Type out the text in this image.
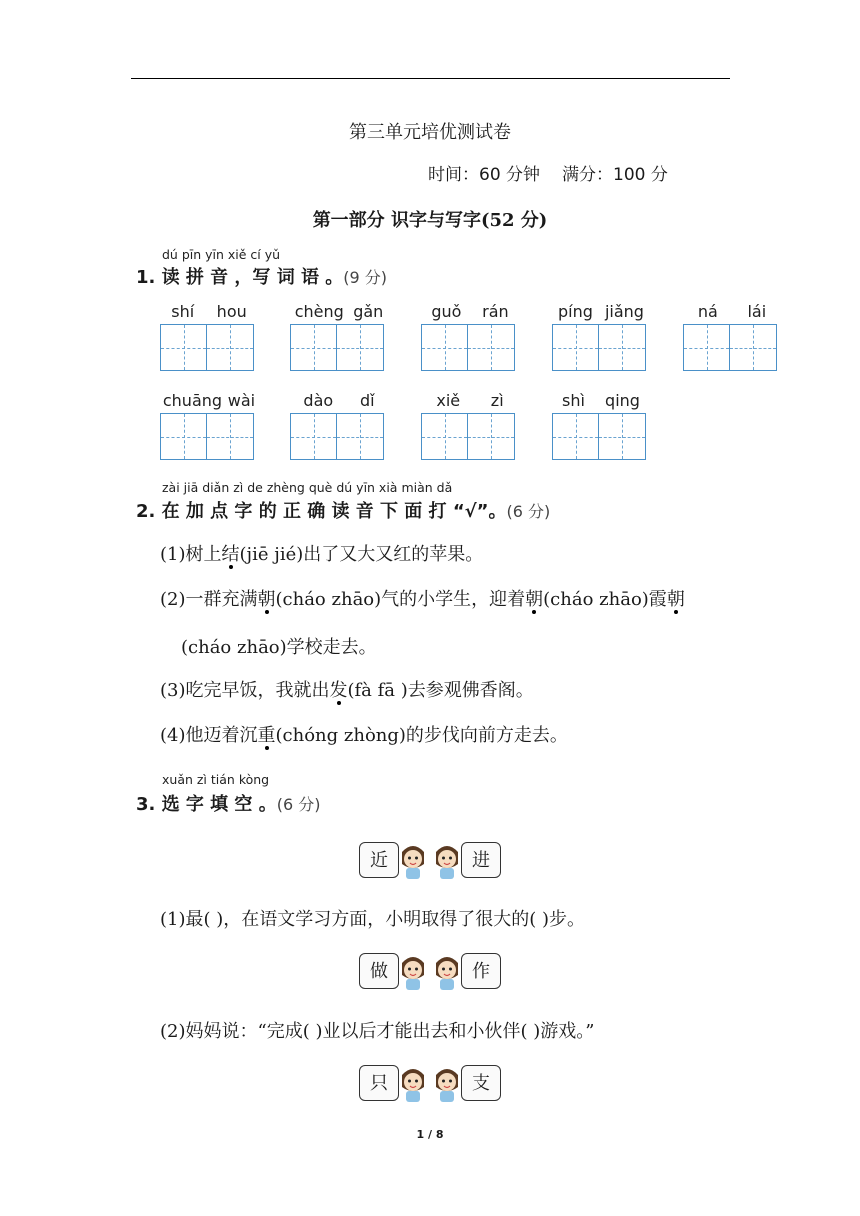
第三单元培优测试卷
时间：60 分钟 满分：100 分
第一部分 识字与写字(52 分)
dú pīn yīn xiě cí yǔ
1. 读 拼 音 ，写 词 语 。(9 分)
shí hou	chèng gǎn	guǒ rán	píng jiǎng	ná lái
chuāng wài	dào dǐ	xiě zì	shì qing
zài jiā diǎn zì de zhèng què dú yīn xià miàn dǎ
2. 在 加 点 字 的 正 确 读 音 下 面 打 “√”。(6 分)
(1)树上结(jiē jié)出了又大又红的苹果。
(2)一群充满朝(cháo zhāo)气的小学生，迎着朝(cháo zhāo)霞朝
(cháo zhāo)学校走去。
(3)吃完早饭，我就出发(fà fā )去参观佛香阁。
(4)他迈着沉重(chóng zhòng)的步伐向前方走去。
xuǎn zì tián kòng
3. 选 字 填 空 。(6 分)
近	进
(1)最( )，在语文学习方面，小明取得了很大的( )步。
做	作
(2)妈妈说：“完成( )业以后才能出去和小伙伴( )游戏。”
只	支
1 / 8
